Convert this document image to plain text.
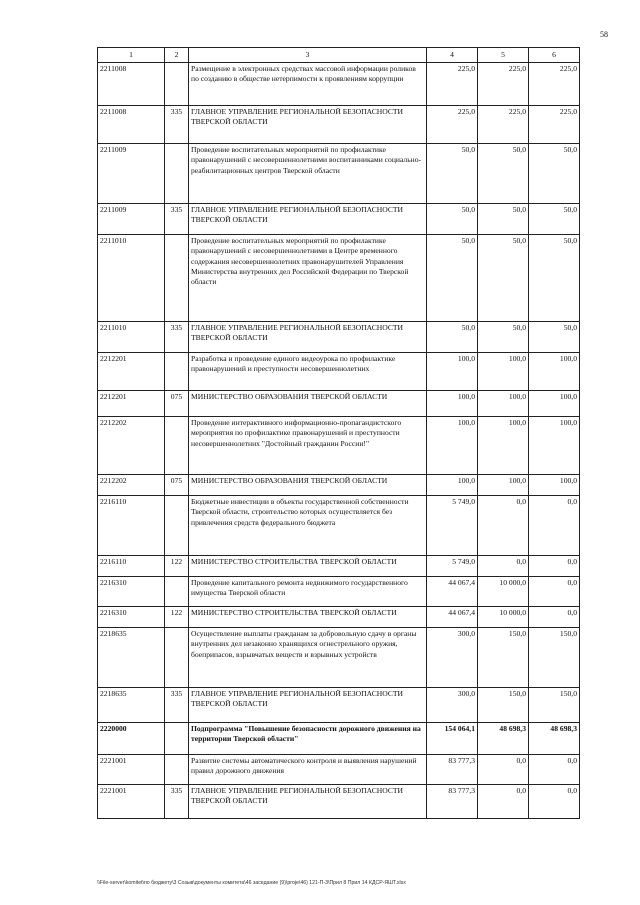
58
1	2	3	4	5	6
2211008		Размещение в электронных средствах массовой информации роликов по созданию в обществе нетерпимости к проявлениям коррупции	225,0	225,0	225,0
2211008	335	ГЛАВНОЕ УПРАВЛЕНИЕ РЕГИОНАЛЬНОЙ БЕЗОПАСНОСТИ ТВЕРСКОЙ ОБЛАСТИ	225,0	225,0	225,0
2211009		Проведение воспитательных мероприятий по профилактике правонарушений с несовершеннолетними воспитанниками социально-реабилитационных центров Тверской области	50,0	50,0	50,0
2211009	335	ГЛАВНОЕ УПРАВЛЕНИЕ РЕГИОНАЛЬНОЙ БЕЗОПАСНОСТИ ТВЕРСКОЙ ОБЛАСТИ	50,0	50,0	50,0
2211010		Проведение воспитательных мероприятий по профилактике правонарушений с несовершеннолетними в Центре временного содержания несовершеннолетних правонарушителей Управления Министерства внутренних дел Российской Федерации по Тверской области	50,0	50,0	50,0
2211010	335	ГЛАВНОЕ УПРАВЛЕНИЕ РЕГИОНАЛЬНОЙ БЕЗОПАСНОСТИ ТВЕРСКОЙ ОБЛАСТИ	50,0	50,0	50,0
2212201		Разработка и проведение единого видеоурока по профилактике правонарушений и преступности несовершеннолетних	100,0	100,0	100,0
2212201	075	МИНИСТЕРСТВО ОБРАЗОВАНИЯ ТВЕРСКОЙ ОБЛАСТИ	100,0	100,0	100,0
2212202		Проведение интерактивного информационно-пропагандистского мероприятия по профилактике правонарушений и преступности несовершеннолетних "Достойный гражданин России!"	100,0	100,0	100,0
2212202	075	МИНИСТЕРСТВО ОБРАЗОВАНИЯ ТВЕРСКОЙ ОБЛАСТИ	100,0	100,0	100,0
2216110		Бюджетные инвестиции в объекты государственной собственности Тверской области, строительство которых осуществляется без привлечения средств федерального бюджета	5 749,0	0,0	0,0
2216110	122	МИНИСТЕРСТВО СТРОИТЕЛЬСТВА ТВЕРСКОЙ ОБЛАСТИ	5 749,0	0,0	0,0
2216310		Проведение капитального ремонта недвижимого государственного имущества Тверской области	44 067,4	10 000,0	0,0
2216310	122	МИНИСТЕРСТВО СТРОИТЕЛЬСТВА ТВЕРСКОЙ ОБЛАСТИ	44 067,4	10 000,0	0,0
2218635		Осуществление выплаты гражданам за добровольную сдачу в органы внутренних дел незаконно хранящихся огнестрельного оружия, боеприпасов, взрывчатых веществ и взрывных устройств	300,0	150,0	150,0
2218635	335	ГЛАВНОЕ УПРАВЛЕНИЕ РЕГИОНАЛЬНОЙ БЕЗОПАСНОСТИ ТВЕРСКОЙ ОБЛАСТИ	300,0	150,0	150,0
2220000		Подпрограмма "Повышение безопасности дорожного движения на территории Тверской области"	154 064,1	48 698,3	48 698,3
2221001		Развитие системы автоматического контроля и выявления нарушений правил дорожного движения	83 777,3	0,0	0,0
2221001	335	ГЛАВНОЕ УПРАВЛЕНИЕ РЕГИОНАЛЬНОЙ БЕЗОПАСНОСТИ ТВЕРСКОЙ ОБЛАСТИ	83 777,3	0,0	0,0
\\File-server\komitet\по бюджету\3 Созыв\документы комитета\46 заседание (9)\proje\46) 121-П-3\Прил 8 Прил 14 КДСР-ЯШТ.xlsx
